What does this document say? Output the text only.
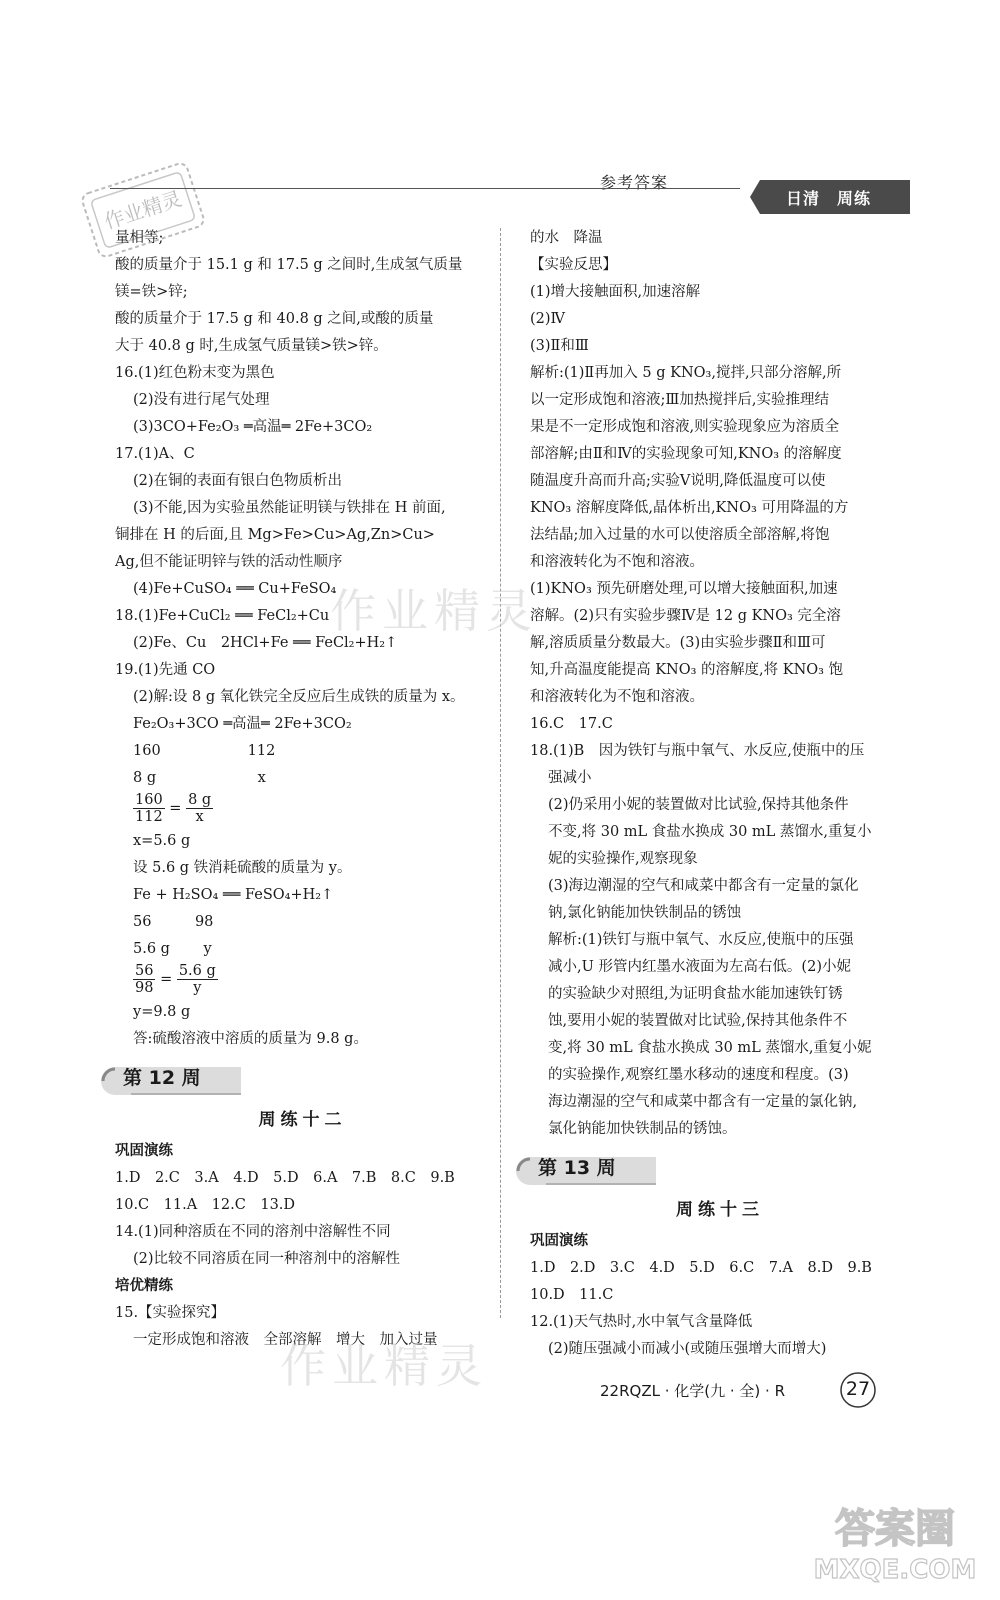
作业精灵
参考答案
日清　周练
量相等;
酸的质量介于 15.1 g 和 17.5 g 之间时,生成氢气质量
镁=铁>锌;
酸的质量介于 17.5 g 和 40.8 g 之间,或酸的质量
大于 40.8 g 时,生成氢气质量镁>铁>锌。
16.(1)红色粉末变为黑色
(2)没有进行尾气处理
(3)3CO+Fe₂O₃ ═高温═ 2Fe+3CO₂
17.(1)A、C
(2)在铜的表面有银白色物质析出
(3)不能,因为实验虽然能证明镁与铁排在 H 前面,
铜排在 H 的后面,且 Mg>Fe>Cu>Ag,Zn>Cu>
Ag,但不能证明锌与铁的活动性顺序
(4)Fe+CuSO₄ ══ Cu+FeSO₄
18.(1)Fe+CuCl₂ ══ FeCl₂+Cu
(2)Fe、Cu　2HCl+Fe ══ FeCl₂+H₂↑
19.(1)先通 CO
(2)解:设 8 g 氧化铁完全反应后生成铁的质量为 x。
Fe₂O₃+3CO ═高温═ 2Fe+3CO₂
160　　　　　　112
8 g　　　　　　　x
$\frac{160}{112} = \frac{8 g}{x}$
x=5.6 g
设 5.6 g 铁消耗硫酸的质量为 y。
Fe + H₂SO₄ ══ FeSO₄+H₂↑
56　　　98
5.6 g　　 y
$\frac{56}{98} = \frac{5.6 g}{y}$
y=9.8 g
答:硫酸溶液中溶质的质量为 9.8 g。
第 12 周
周练十二
巩固演练
1.D　2.C　3.A　4.D　5.D　6.A　7.B　8.C　9.B
10.C　11.A　12.C　13.D
14.(1)同种溶质在不同的溶剂中溶解性不同
(2)比较不同溶质在同一种溶剂中的溶解性
培优精练
15.【实验探究】
一定形成饱和溶液　全部溶解　增大　加入过量
的水　降温
【实验反思】
(1)增大接触面积,加速溶解
(2)Ⅳ
(3)Ⅱ和Ⅲ
解析:(1)Ⅱ再加入 5 g KNO₃,搅拌,只部分溶解,所
以一定形成饱和溶液;Ⅲ加热搅拌后,实验推理结
果是不一定形成饱和溶液,则实验现象应为溶质全
部溶解;由Ⅱ和Ⅳ的实验现象可知,KNO₃ 的溶解度
随温度升高而升高;实验Ⅴ说明,降低温度可以使
KNO₃ 溶解度降低,晶体析出,KNO₃ 可用降温的方
法结晶;加入过量的水可以使溶质全部溶解,将饱
和溶液转化为不饱和溶液。
(1)KNO₃ 预先研磨处理,可以增大接触面积,加速
溶解。(2)只有实验步骤Ⅳ是 12 g KNO₃ 完全溶
解,溶质质量分数最大。(3)由实验步骤Ⅱ和Ⅲ可
知,升高温度能提高 KNO₃ 的溶解度,将 KNO₃ 饱
和溶液转化为不饱和溶液。
16.C　17.C
18.(1)B　因为铁钉与瓶中氧气、水反应,使瓶中的压
强减小
(2)仍采用小妮的装置做对比试验,保持其他条件
不变,将 30 mL 食盐水换成 30 mL 蒸馏水,重复小
妮的实验操作,观察现象
(3)海边潮湿的空气和咸菜中都含有一定量的氯化
钠,氯化钠能加快铁制品的锈蚀
解析:(1)铁钉与瓶中氧气、水反应,使瓶中的压强
减小,U 形管内红墨水液面为左高右低。(2)小妮
的实验缺少对照组,为证明食盐水能加速铁钉锈
蚀,要用小妮的装置做对比试验,保持其他条件不
变,将 30 mL 食盐水换成 30 mL 蒸馏水,重复小妮
的实验操作,观察红墨水移动的速度和程度。(3)
海边潮湿的空气和咸菜中都含有一定量的氯化钠,
氯化钠能加快铁制品的锈蚀。
第 13 周
周练十三
巩固演练
1.D　2.D　3.C　4.D　5.D　6.C　7.A　8.D　9.B
10.D　11.C
12.(1)天气热时,水中氧气含量降低
(2)随压强减小而减小(或随压强增大而增大)
作业精灵
作业精灵	22RQZL · 化学(九 · 全) · R	27
答案圈
MXQE.COM
